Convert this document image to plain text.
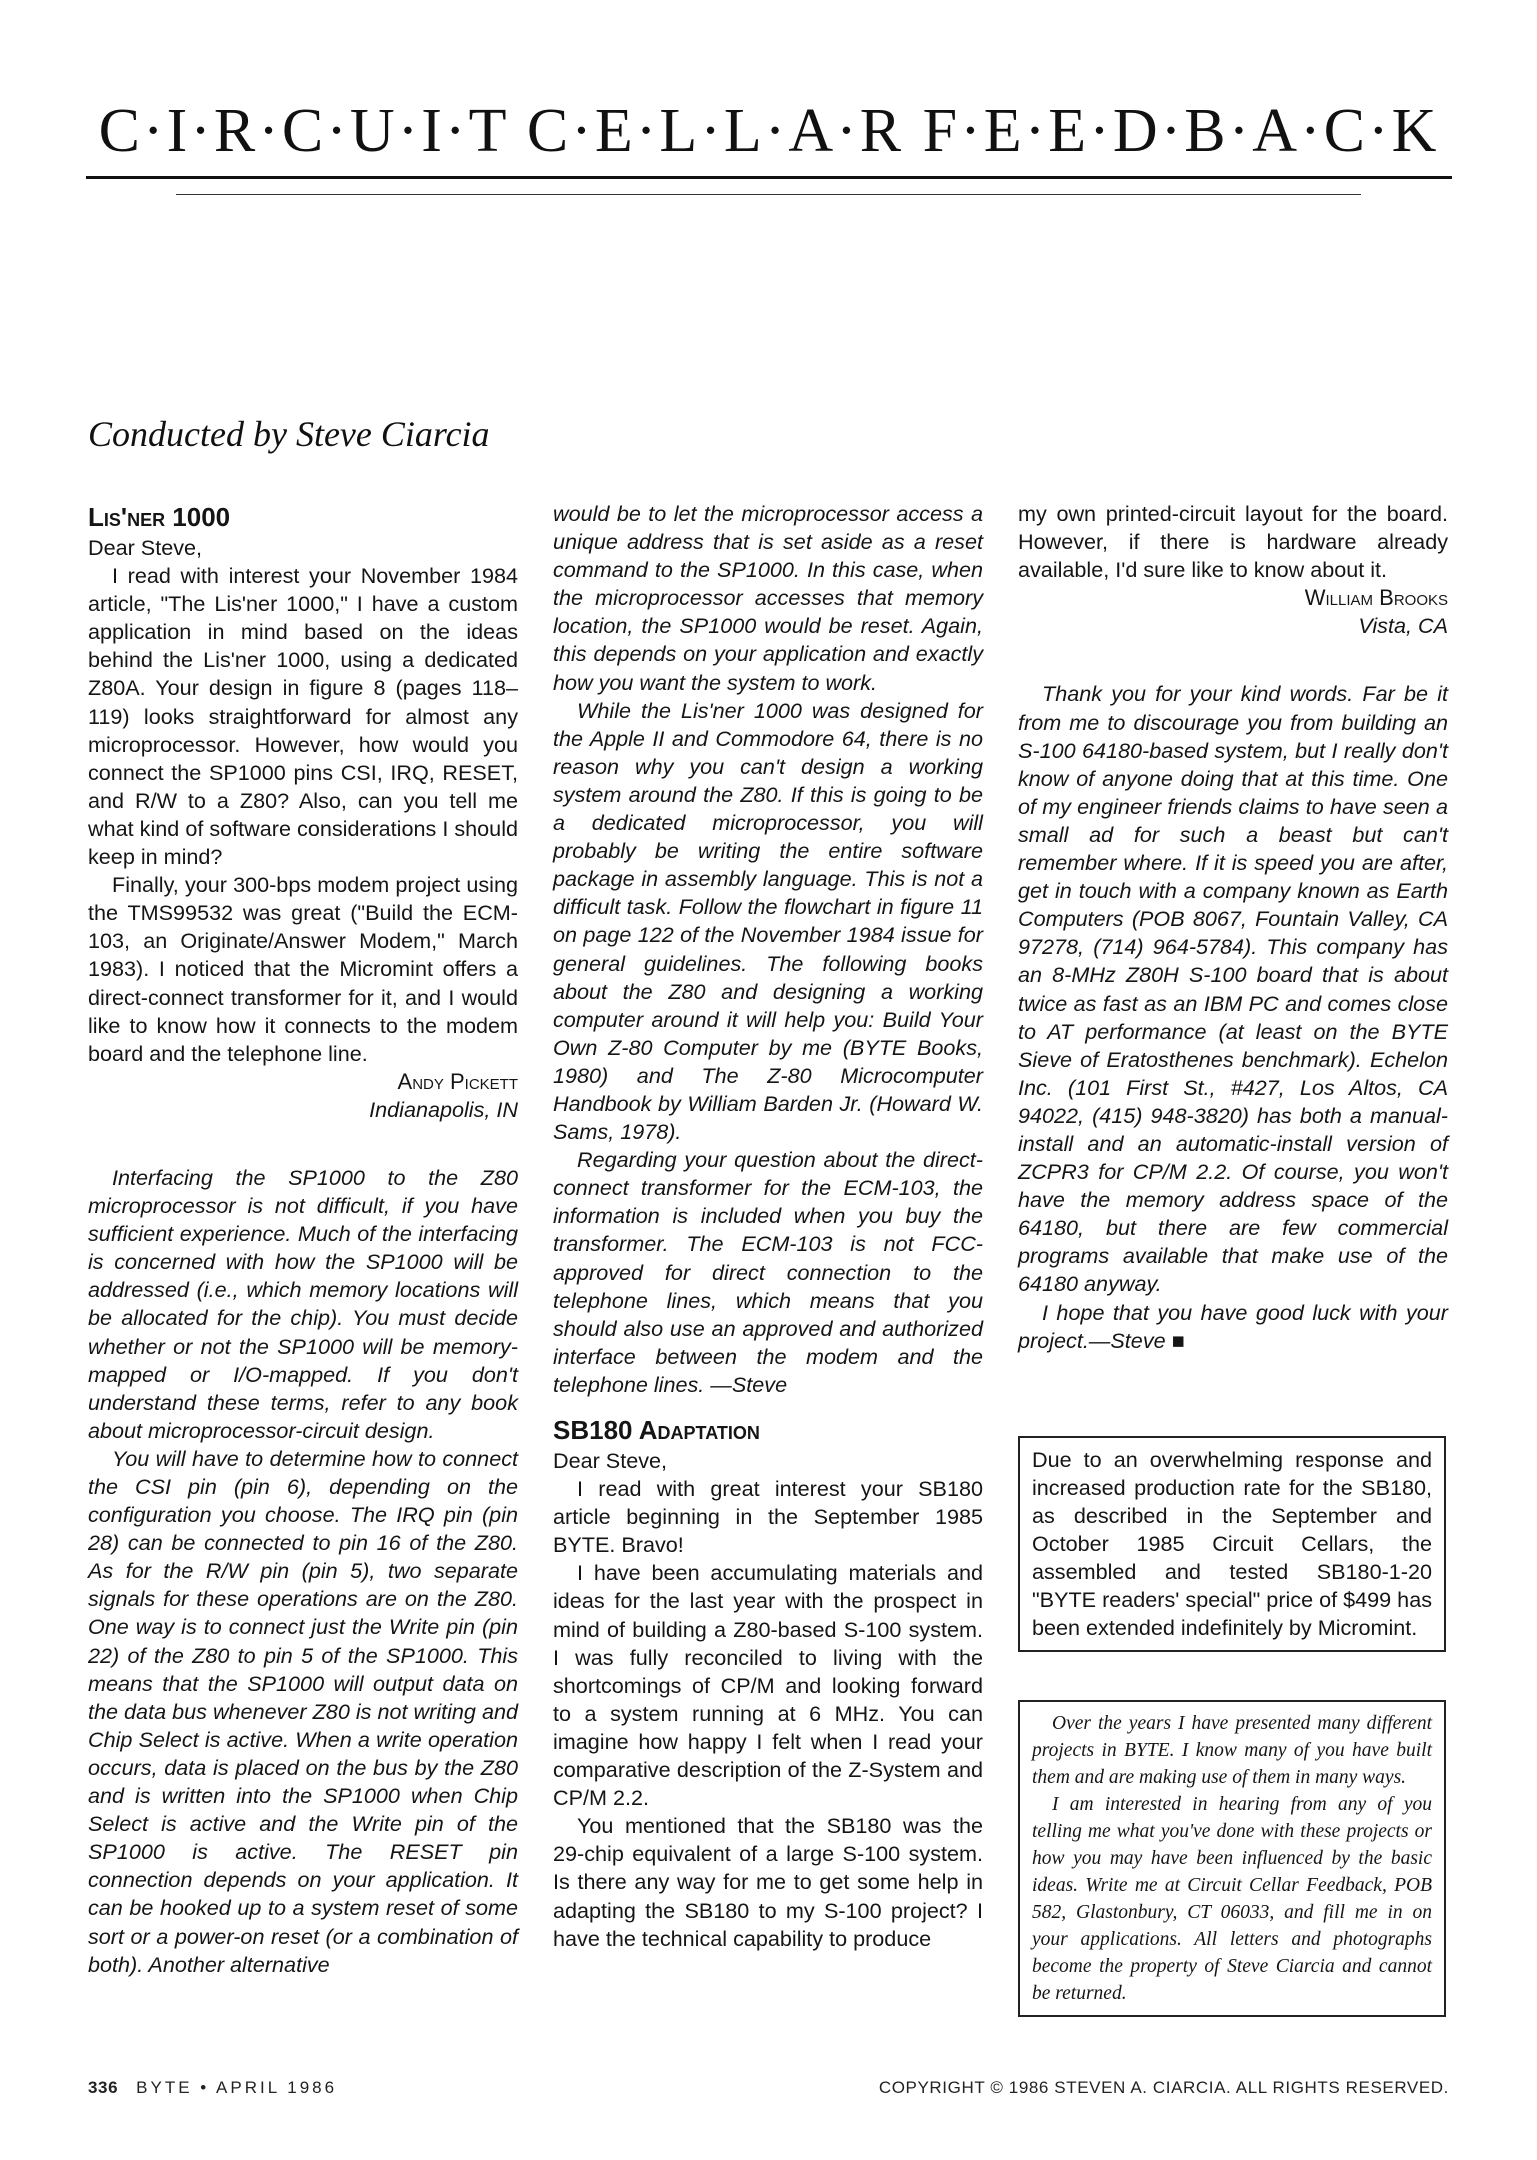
C·I·R·C·U·I·T C·E·L·L·A·R F·E·E·D·B·A·C·K
Conducted by Steve Ciarcia
Lis'ner 1000

Dear Steve,

I read with interest your November 1984 article, "The Lis'ner 1000," I have a custom application in mind based on the ideas behind the Lis'ner 1000, using a dedicated Z80A. Your design in figure 8 (pages 118–119) looks straightforward for almost any microprocessor. However, how would you connect the SP1000 pins CSI, IRQ, RESET, and R/W to a Z80? Also, can you tell me what kind of software considerations I should keep in mind?

Finally, your 300-bps modem project using the TMS99532 was great ("Build the ECM-103, an Originate/Answer Modem," March 1983). I noticed that the Micromint offers a direct-connect transformer for it, and I would like to know how it connects to the modem board and the telephone line.

Andy Pickett

Indianapolis, IN

Interfacing the SP1000 to the Z80 microprocessor is not difficult, if you have sufficient experience. Much of the interfacing is concerned with how the SP1000 will be addressed (i.e., which memory locations will be allocated for the chip). You must decide whether or not the SP1000 will be memory-mapped or I/O-mapped. If you don't understand these terms, refer to any book about microprocessor-circuit design.

You will have to determine how to connect the CSI pin (pin 6), depending on the configuration you choose. The IRQ pin (pin 28) can be connected to pin 16 of the Z80. As for the R/W pin (pin 5), two separate signals for these operations are on the Z80. One way is to connect just the Write pin (pin 22) of the Z80 to pin 5 of the SP1000. This means that the SP1000 will output data on the data bus whenever Z80 is not writing and Chip Select is active. When a write operation occurs, data is placed on the bus by the Z80 and is written into the SP1000 when Chip Select is active and the Write pin of the SP1000 is active. The RESET pin connection depends on your application. It can be hooked up to a system reset of some sort or a power-on reset (or a combination of both). Another alternative

would be to let the microprocessor access a unique address that is set aside as a reset command to the SP1000. In this case, when the microprocessor accesses that memory location, the SP1000 would be reset. Again, this depends on your application and exactly how you want the system to work.

While the Lis'ner 1000 was designed for the Apple II and Commodore 64, there is no reason why you can't design a working system around the Z80. If this is going to be a dedicated microprocessor, you will probably be writing the entire software package in assembly language. This is not a difficult task. Follow the flowchart in figure 11 on page 122 of the November 1984 issue for general guidelines. The following books about the Z80 and designing a working computer around it will help you: Build Your Own Z-80 Computer by me (BYTE Books, 1980) and The Z-80 Microcomputer Handbook by William Barden Jr. (Howard W. Sams, 1978).

Regarding your question about the direct-connect transformer for the ECM-103, the information is included when you buy the transformer. The ECM-103 is not FCC-approved for direct connection to the telephone lines, which means that you should also use an approved and authorized interface between the modem and the telephone lines. —Steve

SB180 Adaptation

Dear Steve,

I read with great interest your SB180 article beginning in the September 1985 BYTE. Bravo!

I have been accumulating materials and ideas for the last year with the prospect in mind of building a Z80-based S-100 system. I was fully reconciled to living with the shortcomings of CP/M and looking forward to a system running at 6 MHz. You can imagine how happy I felt when I read your comparative description of the Z-System and CP/M 2.2.

You mentioned that the SB180 was the 29-chip equivalent of a large S-100 system. Is there any way for me to get some help in adapting the SB180 to my S-100 project? I have the technical capability to produce

my own printed-circuit layout for the board. However, if there is hardware already available, I'd sure like to know about it.

William Brooks

Vista, CA

Thank you for your kind words. Far be it from me to discourage you from building an S-100 64180-based system, but I really don't know of anyone doing that at this time. One of my engineer friends claims to have seen a small ad for such a beast but can't remember where. If it is speed you are after, get in touch with a company known as Earth Computers (POB 8067, Fountain Valley, CA 97278, (714) 964-5784). This company has an 8-MHz Z80H S-100 board that is about twice as fast as an IBM PC and comes close to AT performance (at least on the BYTE Sieve of Eratosthenes benchmark). Echelon Inc. (101 First St., #427, Los Altos, CA 94022, (415) 948-3820) has both a manual-install and an automatic-install version of ZCPR3 for CP/M 2.2. Of course, you won't have the memory address space of the 64180, but there are few commercial programs available that make use of the 64180 anyway.

I hope that you have good luck with your project.—Steve ■

Due to an overwhelming response and increased production rate for the SB180, as described in the September and October 1985 Circuit Cellars, the assembled and tested SB180-1-20 "BYTE readers' special" price of $499 has been extended indefinitely by Micromint.

Over the years I have presented many different projects in BYTE. I know many of you have built them and are making use of them in many ways.

I am interested in hearing from any of you telling me what you've done with these projects or how you may have been influenced by the basic ideas. Write me at Circuit Cellar Feedback, POB 582, Glastonbury, CT 06033, and fill me in on your applications. All letters and photographs become the property of Steve Ciarcia and cannot be returned.

336 BYTE • APRIL 1986	COPYRIGHT © 1986 STEVEN A. CIARCIA. ALL RIGHTS RESERVED.
